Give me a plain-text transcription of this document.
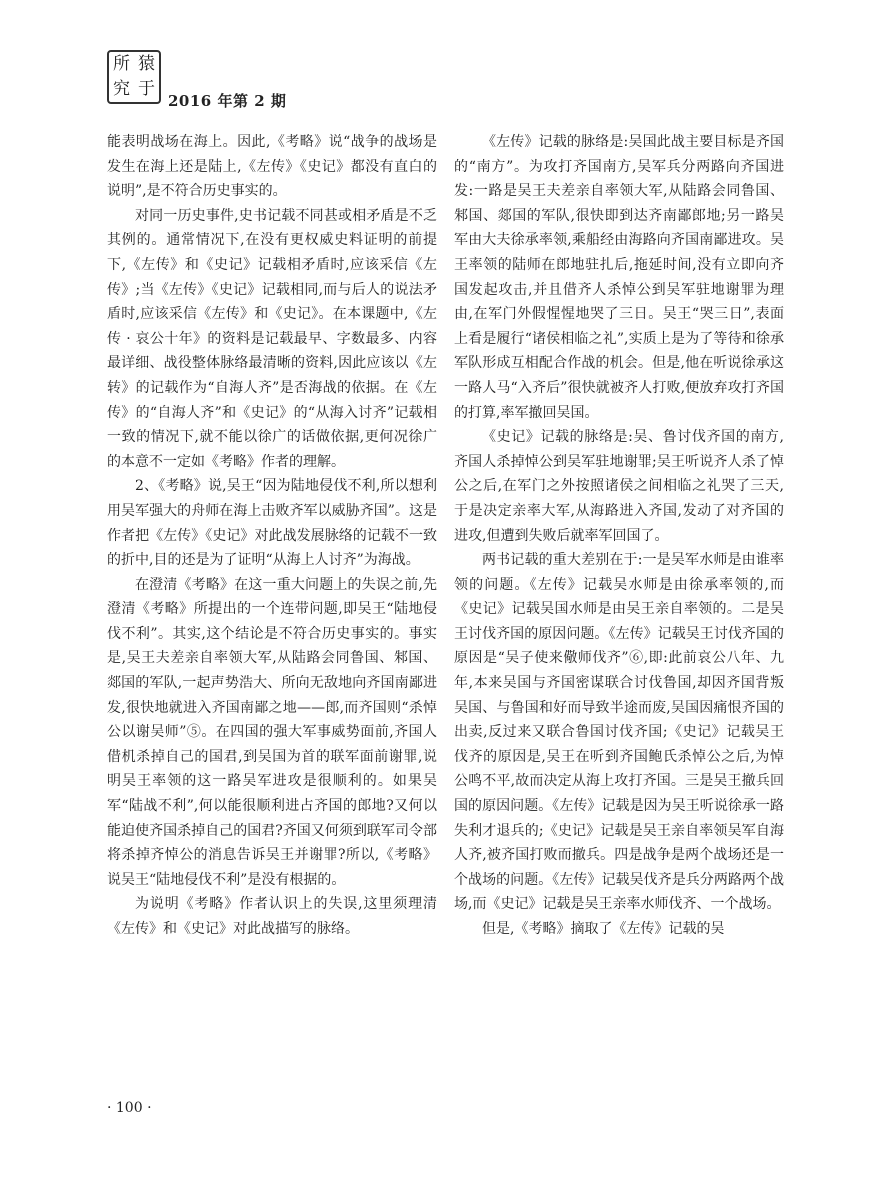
所 猿
究 于
2016 年第 2 期

能表明战场在海上。因此,《考略》说“战争的战场是发生在海上还是陆上,《左传》《史记》都没有直白的说明”,是不符合历史事实的。

对同一历史事件,史书记载不同甚或相矛盾是不乏其例的。通常情况下,在没有更权威史料证明的前提下,《左传》和《史记》记载相矛盾时,应该采信《左传》;当《左传》《史记》记载相同,而与后人的说法矛盾时,应该采信《左传》和《史记》。在本课题中,《左传 · 哀公十年》的资料是记载最早、字数最多、内容最详细、战役整体脉络最清晰的资料,因此应该以《左转》的记载作为“自海人齐”是否海战的依据。在《左传》的“自海人齐”和《史记》的“从海入讨齐”记载相一致的情况下,就不能以徐广的话做依据,更何况徐广的本意不一定如《考略》作者的理解。

2、《考略》说,吴王“因为陆地侵伐不利,所以想利用吴军强大的舟师在海上击败齐军以威胁齐国”。这是作者把《左传》《史记》对此战发展脉络的记载不一致的折中,目的还是为了证明“从海上人讨齐”为海战。

在澄清《考略》在这一重大问题上的失误之前,先澄清《考略》所提出的一个连带问题,即吴王“陆地侵伐不利”。其实,这个结论是不符合历史事实的。事实是,吴王夫差亲自率领大军,从陆路会同鲁国、邾国、郯国的军队,一起声势浩大、所向无敌地向齐国南鄙进发,很快地就进入齐国南鄙之地——郎,而齐国则“杀悼公以谢吴师”⑤。在四国的强大军事威势面前,齐国人借机杀掉自己的国君,到吴国为首的联军面前谢罪,说明吴王率领的这一路吴军进攻是很顺利的。如果吴军“陆战不利”,何以能很顺利进占齐国的郎地?又何以能迫使齐国杀掉自己的国君?齐国又何须到联军司令部将杀掉齐悼公的消息告诉吴王并谢罪?所以,《考略》说吴王“陆地侵伐不利”是没有根据的。

为说明《考略》作者认识上的失误,这里须理清《左传》和《史记》对此战描写的脉络。

《左传》记载的脉络是:吴国此战主要目标是齐国的“南方”。为攻打齐国南方,吴军兵分两路向齐国进发:一路是吴王夫差亲自率领大军,从陆路会同鲁国、邾国、郯国的军队,很快即到达齐南鄙郎地;另一路吴军由大夫徐承率领,乘船经由海路向齐国南鄙进攻。吴王率领的陆师在郎地驻扎后,拖延时间,没有立即向齐国发起攻击,并且借齐人杀悼公到吴军驻地谢罪为理由,在军门外假惺惺地哭了三日。吴王“哭三日”,表面上看是履行“诸侯相临之礼”,实质上是为了等待和徐承军队形成互相配合作战的机会。但是,他在听说徐承这一路人马“入齐后”很快就被齐人打败,便放弃攻打齐国的打算,率军撤回吴国。

《史记》记载的脉络是:吴、鲁讨伐齐国的南方,齐国人杀掉悼公到吴军驻地谢罪;吴王听说齐人杀了悼公之后,在军门之外按照诸侯之间相临之礼哭了三天,于是决定亲率大军,从海路进入齐国,发动了对齐国的进攻,但遭到失败后就率军回国了。

两书记载的重大差别在于:一是吴军水师是由谁率领的问题。《左传》记载吴水师是由徐承率领的,而《史记》记载吴国水师是由吴王亲自率领的。二是吴王讨伐齐国的原因问题。《左传》记载吴王讨伐齐国的原因是“吴子使来儆师伐齐”⑥,即:此前哀公八年、九年,本来吴国与齐国密谋联合讨伐鲁国,却因齐国背叛吴国、与鲁国和好而导致半途而废,吴国因痛恨齐国的出卖,反过来又联合鲁国讨伐齐国;《史记》记载吴王伐齐的原因是,吴王在听到齐国鲍氏杀悼公之后,为悼公鸣不平,故而决定从海上攻打齐国。三是吴王撤兵回国的原因问题。《左传》记载是因为吴王听说徐承一路失利才退兵的;《史记》记载是吴王亲自率领吴军自海人齐,被齐国打败而撤兵。四是战争是两个战场还是一个战场的问题。《左传》记载吴伐齐是兵分两路两个战场,而《史记》记载是吴王亲率水师伐齐、一个战场。

但是,《考略》摘取了《左传》记载的吴

· 100 ·
